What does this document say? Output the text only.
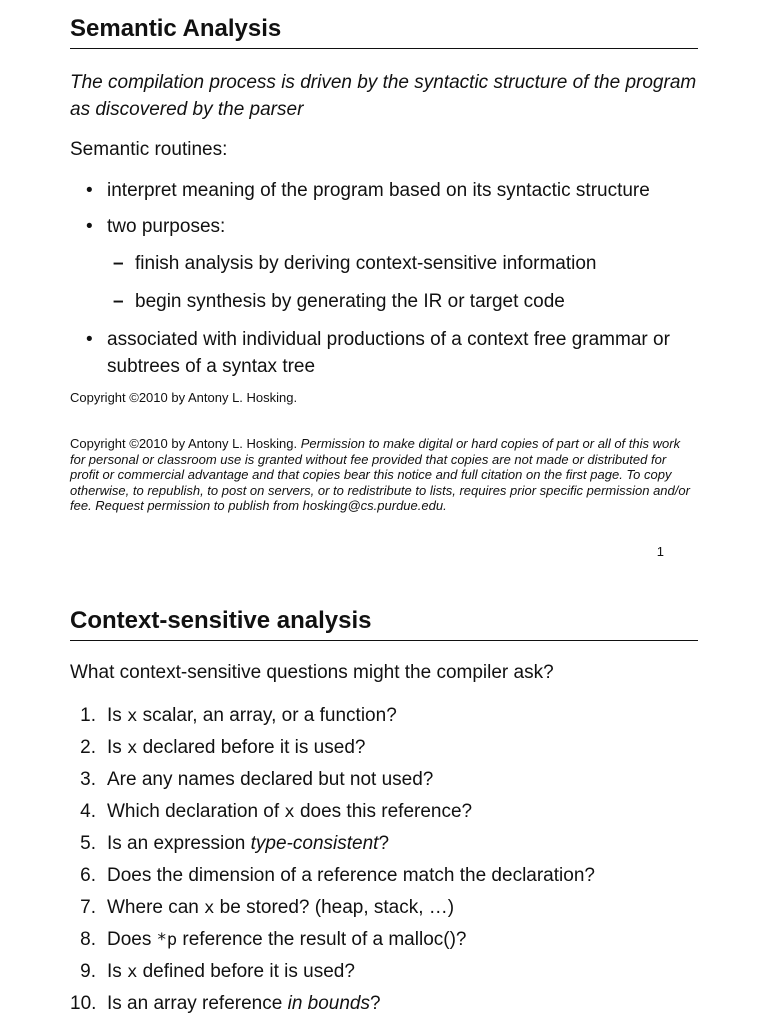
Semantic Analysis

The compilation process is driven by the syntactic structure of the program as discovered by the parser

Semantic routines:

• interpret meaning of the program based on its syntactic structure
• two purposes:
– finish analysis by deriving context-sensitive information
– begin synthesis by generating the IR or target code
• associated with individual productions of a context free grammar or subtrees of a syntax tree

Copyright ©2010 by Antony L. Hosking.

Copyright ©2010 by Antony L. Hosking. Permission to make digital or hard copies of part or all of this work for personal or classroom use is granted without fee provided that copies are not made or distributed for profit or commercial advantage and that copies bear this notice and full citation on the first page. To copy otherwise, to republish, to post on servers, or to redistribute to lists, requires prior specific permission and/or fee. Request permission to publish from hosking@cs.purdue.edu.

1
Context-sensitive analysis

What context-sensitive questions might the compiler ask?

1. Is x scalar, an array, or a function?
2. Is x declared before it is used?
3. Are any names declared but not used?
4. Which declaration of x does this reference?
5. Is an expression type-consistent?
6. Does the dimension of a reference match the declaration?
7. Where can x be stored? (heap, stack, …)
8. Does *p reference the result of a malloc()?
9. Is x defined before it is used?
10. Is an array reference in bounds?
